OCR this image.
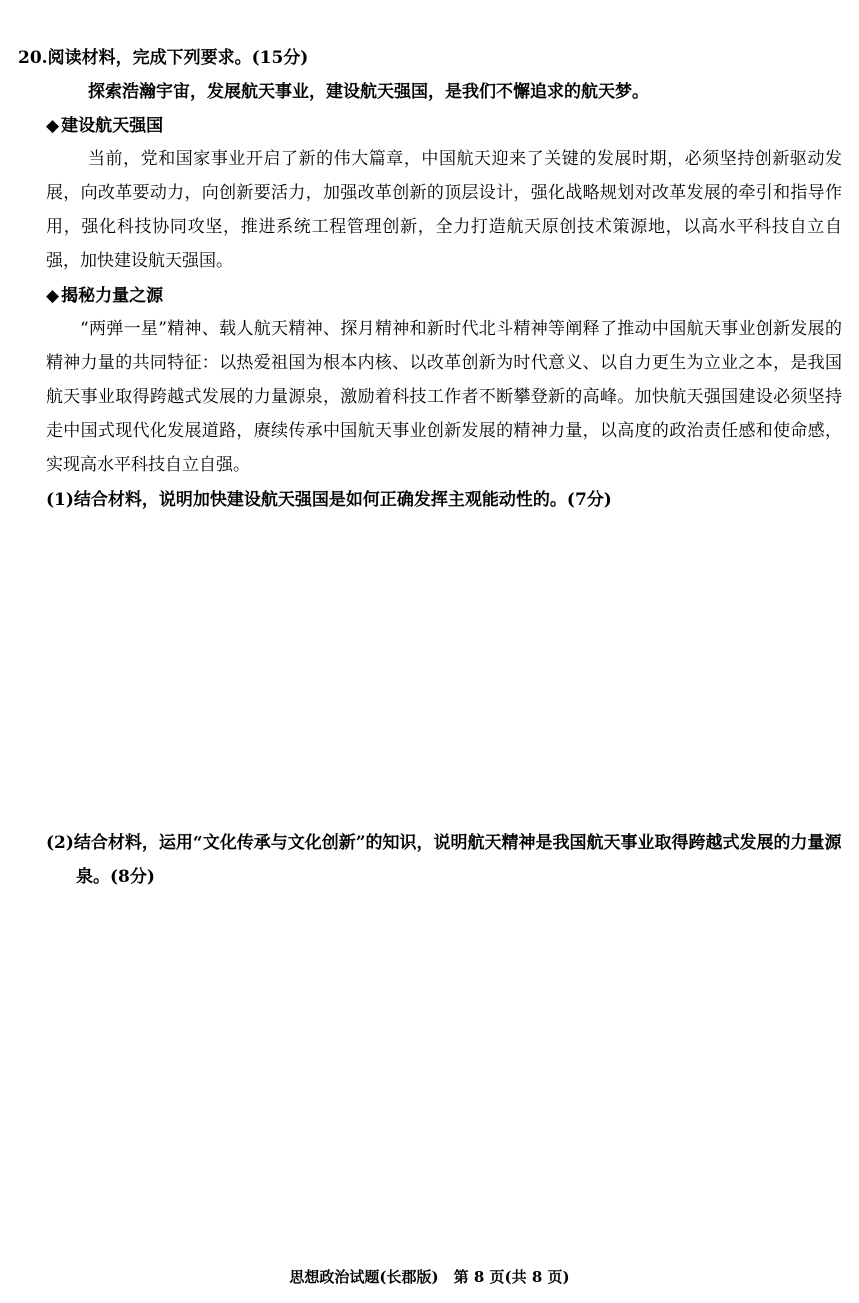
20.阅读材料，完成下列要求。(15分)
探索浩瀚宇宙，发展航天事业，建设航天强国，是我们不懈追求的航天梦。
◆ 建设航天强国
当前，党和国家事业开启了新的伟大篇章，中国航天迎来了关键的发展时期，必须坚持创新驱动发展，向改革要动力，向创新要活力，加强改革创新的顶层设计，强化战略规划对改革发展的牵引和指导作用，强化科技协同攻坚，推进系统工程管理创新，全力打造航天原创技术策源地，以高水平科技自立自强，加快建设航天强国。
◆ 揭秘力量之源
“两弹一星”精神、载人航天精神、探月精神和新时代北斗精神等阐释了推动中国航天事业创新发展的精神力量的共同特征：以热爱祖国为根本内核、以改革创新为时代意义、以自力更生为立业之本，是我国航天事业取得跨越式发展的力量源泉，激励着科技工作者不断攀登新的高峰。加快航天强国建设必须坚持走中国式现代化发展道路，赓续传承中国航天事业创新发展的精神力量，以高度的政治责任感和使命感，实现高水平科技自立自强。
(1)结合材料，说明加快建设航天强国是如何正确发挥主观能动性的。(7分)
(2)结合材料，运用“文化传承与文化创新”的知识，说明航天精神是我国航天事业取得跨越式发展的力量源泉。(8分)
思想政治试题(长郡版)　第 8 页(共 8 页)
